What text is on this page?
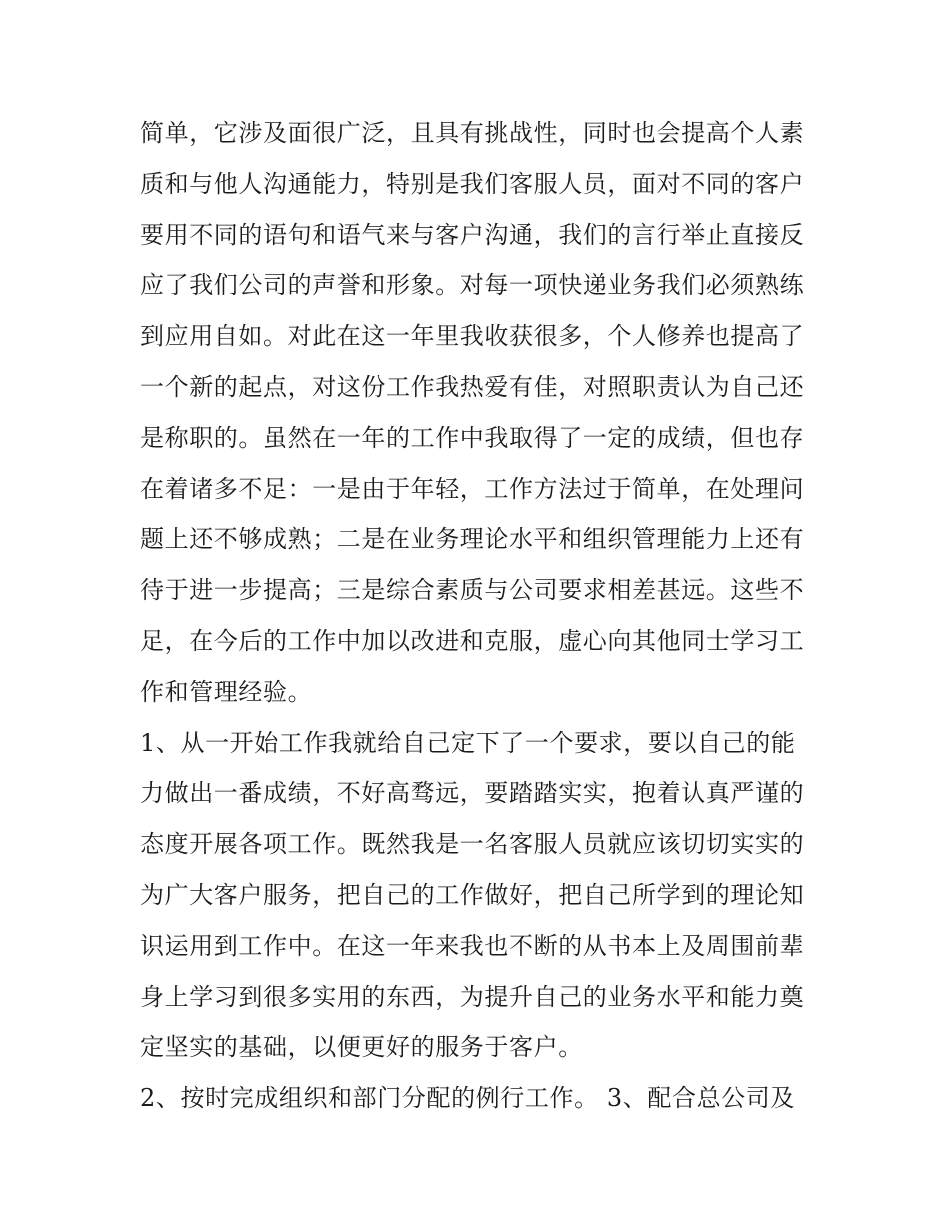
简单，它涉及面很广泛，且具有挑战性，同时也会提高个人素
质和与他人沟通能力，特别是我们客服人员，面对不同的客户
要用不同的语句和语气来与客户沟通，我们的言行举止直接反
应了我们公司的声誉和形象。对每一项快递业务我们必须熟练
到应用自如。对此在这一年里我收获很多，个人修养也提高了
一个新的起点，对这份工作我热爱有佳，对照职责认为自己还
是称职的。虽然在一年的工作中我取得了一定的成绩，但也存
在着诸多不足：一是由于年轻，工作方法过于简单，在处理问
题上还不够成熟；二是在业务理论水平和组织管理能力上还有
待于进一步提高；三是综合素质与公司要求相差甚远。这些不
足，在今后的工作中加以改进和克服，虚心向其他同士学习工
作和管理经验。
1、从一开始工作我就给自己定下了一个要求，要以自己的能
力做出一番成绩，不好高骛远，要踏踏实实，抱着认真严谨的
态度开展各项工作。既然我是一名客服人员就应该切切实实的
为广大客户服务，把自己的工作做好，把自己所学到的理论知
识运用到工作中。在这一年来我也不断的从书本上及周围前辈
身上学习到很多实用的东西，为提升自己的业务水平和能力奠
定坚实的基础，以便更好的服务于客户。
2、按时完成组织和部门分配的例行工作。 3、配合总公司及
